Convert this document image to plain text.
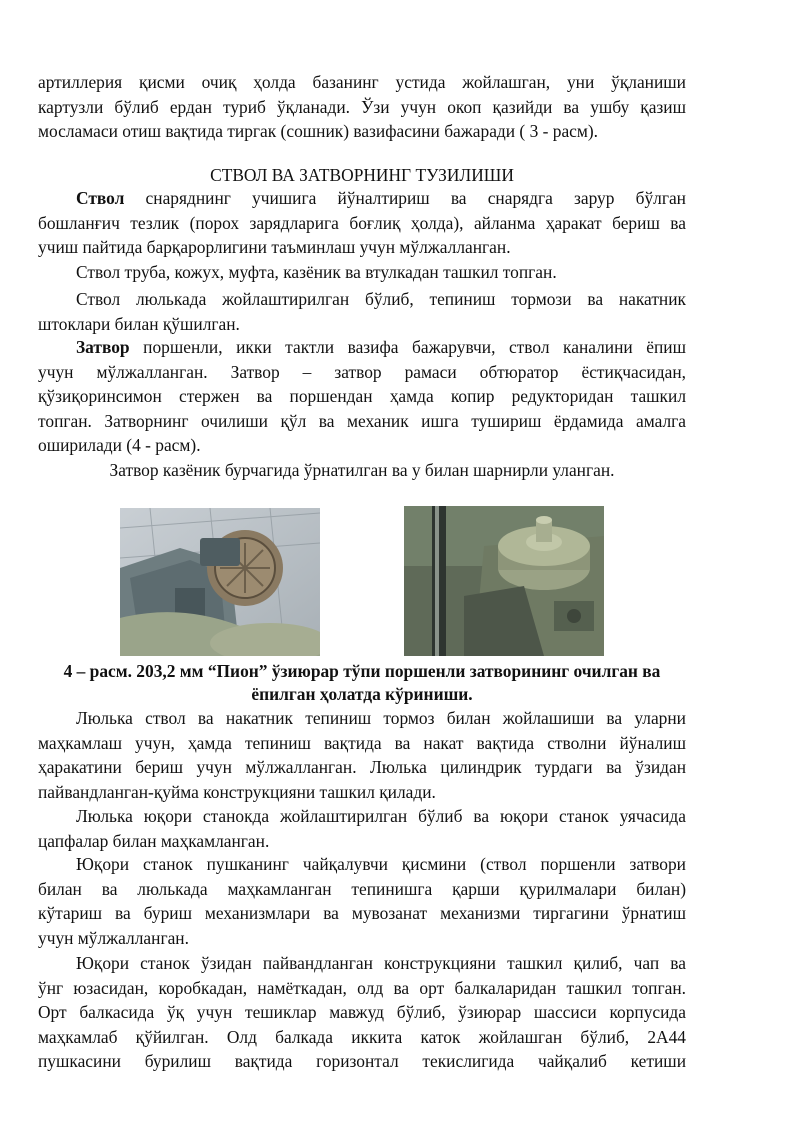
артиллерия қисми очиқ ҳолда базанинг устида жойлашган, уни ўқланиши
картузли бўлиб ердан туриб ўқланади. Ўзи учун окоп қазийди ва ушбу қазиш
мосламаси отиш вақтида тиргак (сошник) вазифасини бажаради ( 3 - расм).

СТВОЛ ВА ЗАТВОРНИНГ ТУЗИЛИШИ

Ствол снаряднинг учишига йўналтириш ва снарядга зарур бўлган
бошланғич тезлик (порох зарядларига боғлиқ ҳолда), айланма ҳаракат бериш ва
учиш пайтида барқарорлигини таъминлаш учун мўлжалланган.

Ствол труба, кожух, муфта, казёник ва втулкадан ташкил топган.

Ствол люлькада жойлаштирилган бўлиб, тепиниш тормози ва накатник
штоклари билан қўшилган.

Затвор поршенли, икки тактли вазифа бажарувчи, ствол каналини ёпиш
учун мўлжалланган. Затвор – затвор рамаси обтюратор ёстиқчасидан,
қўзиқоринсимон стержен ва поршендан ҳамда копир редукторидан ташкил
топган. Затворнинг очилиши қўл ва механик ишга тушириш ёрдамида амалга
оширилади (4 - расм).

Затвор казёник бурчагида ўрнатилган ва у билан шарнирли уланган.

4 – расм. 203,2 мм “Пион” ўзиюрар тўпи поршенли затворининг очилган ва
ёпилган ҳолатда кўриниши.

Люлька ствол ва накатник тепиниш тормоз билан жойлашиши ва уларни
маҳкамлаш учун, ҳамда тепиниш вақтида ва накат вақтида стволни йўналиш
ҳаракатини бериш учун мўлжалланган. Люлька цилиндрик турдаги ва ўзидан
пайвандланган-қуйма конструкцияни ташкил қилади.

Люлька юқори станокда жойлаштирилган бўлиб ва юқори станок уячасида
цапфалар билан маҳкамланган.

Юқори станок пушканинг чайқалувчи қисмини (ствол поршенли затвори
билан ва люлькада маҳкамланган тепинишга қарши қурилмалари билан)
кўтариш ва буриш механизмлари ва мувозанат механизми тиргагини ўрнатиш
учун мўлжалланган.

Юқори станок ўзидан пайвандланган конструкцияни ташкил қилиб, чап ва
ўнг юзасидан, коробкадан, намёткадан, олд ва орт балкаларидан ташкил топган.
Орт балкасида ўқ учун тешиклар мавжуд бўлиб, ўзиюрар шассиси корпусида
маҳкамлаб қўйилган. Олд балкада иккита каток жойлашган бўлиб, 2А44
пушкасини бурилиш вақтида горизонтал текислигида чайқалиб кетиши
